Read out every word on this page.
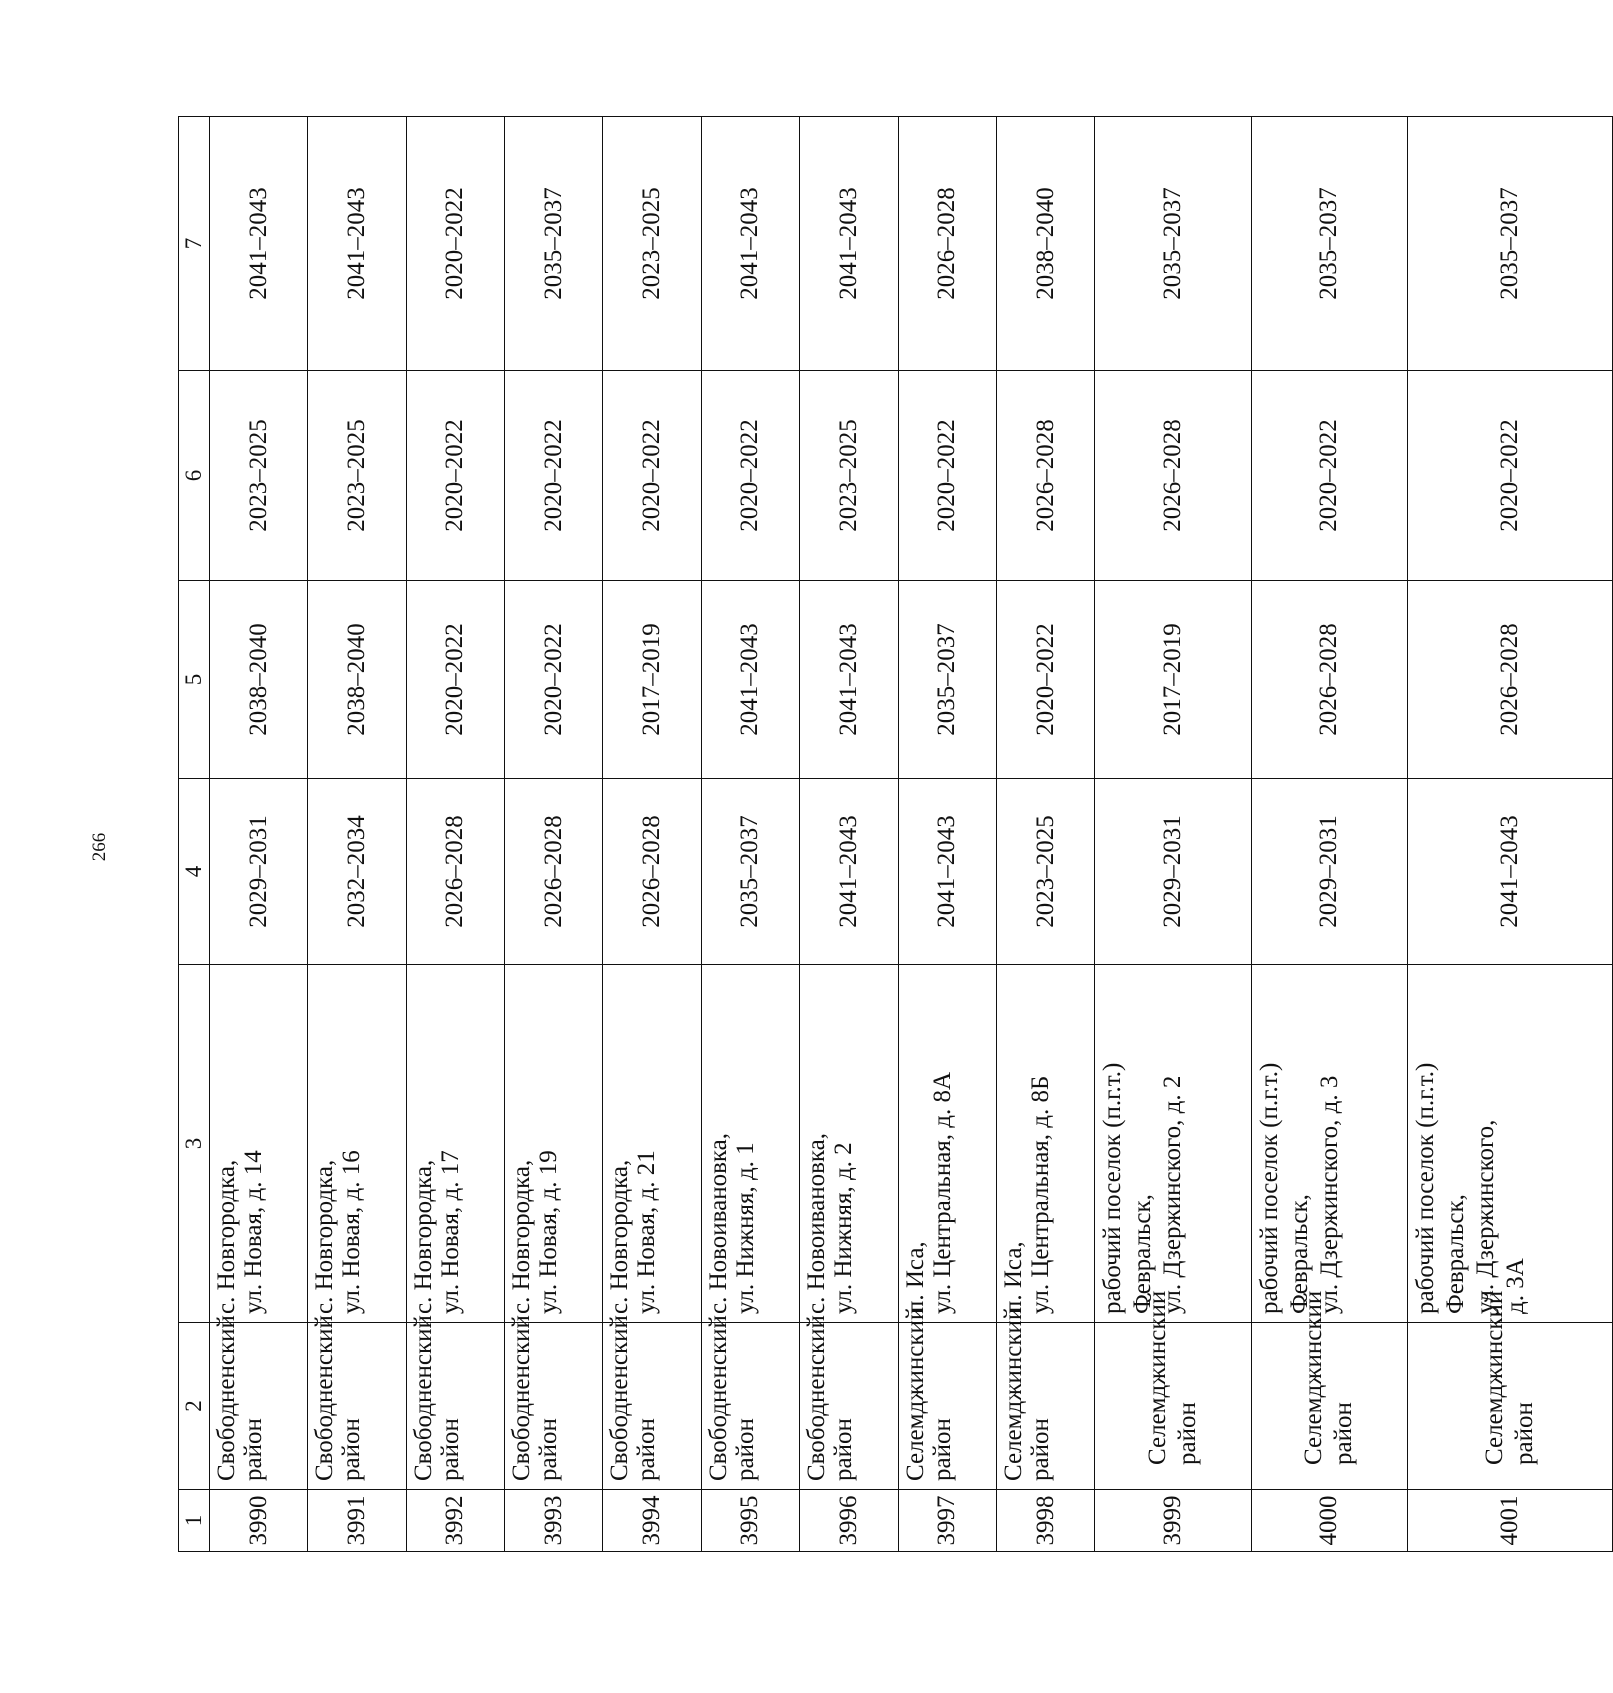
266
1	2	3	4	5	6	7
3990	Свободненский район	с. Новгородка, ул. Новая, д. 14	2029–2031	2038–2040	2023–2025	2041–2043
3991	Свободненский район	с. Новгородка, ул. Новая, д. 16	2032–2034	2038–2040	2023–2025	2041–2043
3992	Свободненский район	с. Новгородка, ул. Новая, д. 17	2026–2028	2020–2022	2020–2022	2020–2022
3993	Свободненский район	с. Новгородка, ул. Новая, д. 19	2026–2028	2020–2022	2020–2022	2035–2037
3994	Свободненский район	с. Новгородка, ул. Новая, д. 21	2026–2028	2017–2019	2020–2022	2023–2025
3995	Свободненский район	с. Новоивановка, ул. Нижняя, д. 1	2035–2037	2041–2043	2020–2022	2041–2043
3996	Свободненский район	с. Новоивановка, ул. Нижняя, д. 2	2041–2043	2041–2043	2023–2025	2041–2043
3997	Селемджинский район	п. Иса, ул. Центральная, д. 8А	2041–2043	2035–2037	2020–2022	2026–2028
3998	Селемджинский район	п. Иса, ул. Центральная, д. 8Б	2023–2025	2020–2022	2026–2028	2038–2040
3999	Селемджинский район	рабочий поселок (п.г.т.) Февральск, ул. Дзержинского, д. 2	2029–2031	2017–2019	2026–2028	2035–2037
4000	Селемджинский район	рабочий поселок (п.г.т.) Февральск, ул. Дзержинского, д. 3	2029–2031	2026–2028	2020–2022	2035–2037
4001	Селемджинский район	рабочий поселок (п.г.т.) Февральск, ул. Дзержинского, д. 3А	2041–2043	2026–2028	2020–2022	2035–2037
